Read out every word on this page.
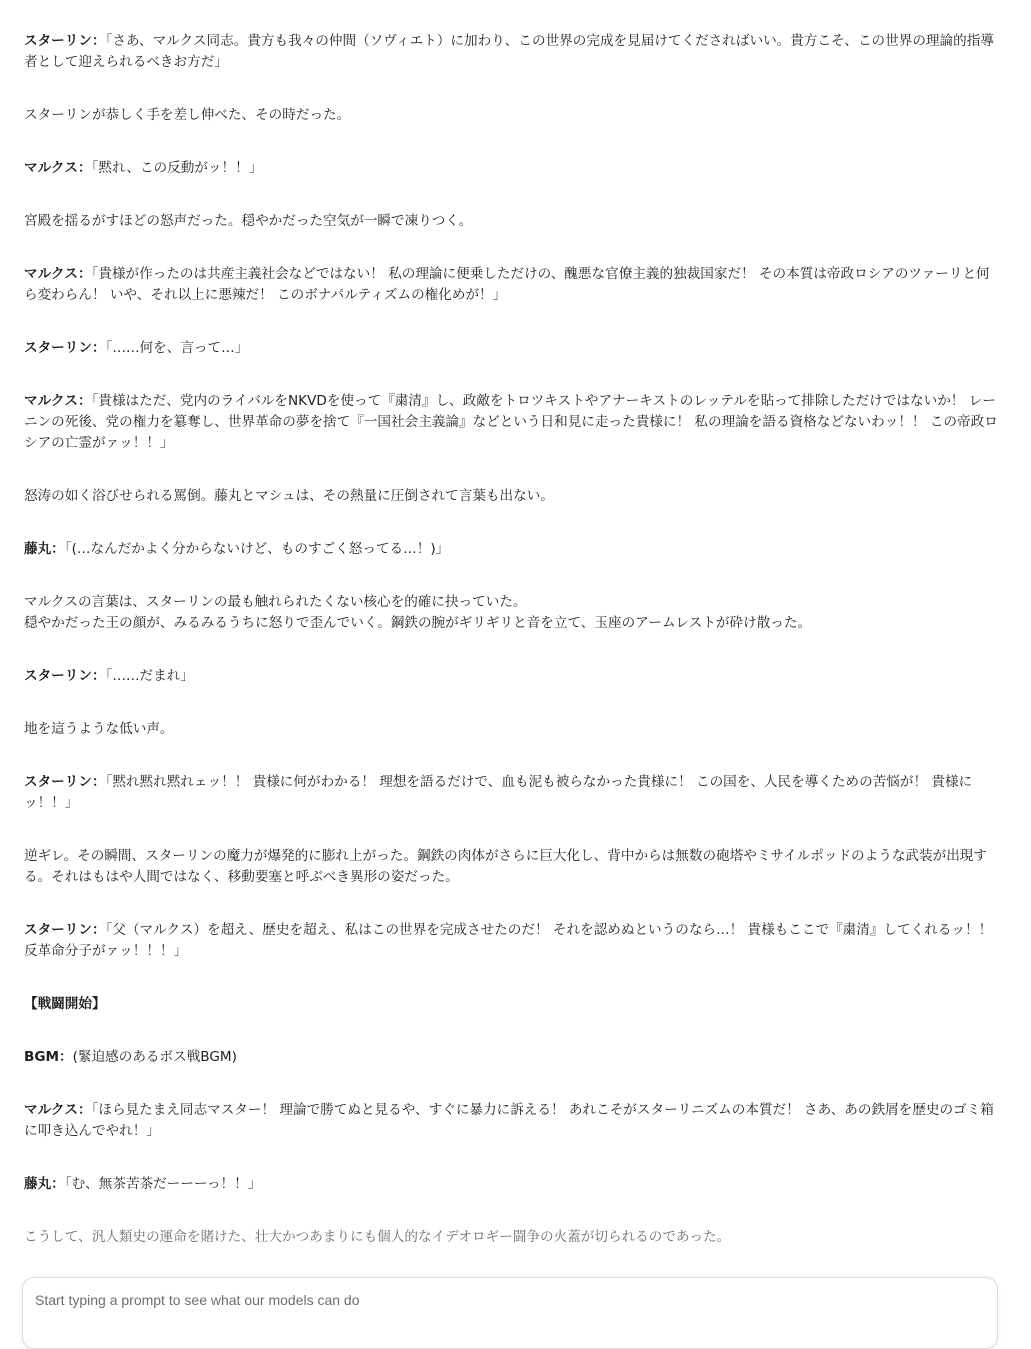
スターリン：「さあ、マルクス同志。貴方も我々の仲間（ソヴィエト）に加わり、この世界の完成を見届けてくださればいい。貴方こそ、この世界の理論的指導者として迎えられるべきお方だ」
スターリンが恭しく手を差し伸べた、その時だった。
マルクス：「黙れ、この反動がッ！！」
宮殿を揺るがすほどの怒声だった。穏やかだった空気が一瞬で凍りつく。
マルクス：「貴様が作ったのは共産主義社会などではない！ 私の理論に便乗しただけの、醜悪な官僚主義的独裁国家だ！ その本質は帝政ロシアのツァーリと何ら変わらん！ いや、それ以上に悪辣だ！ このボナパルティズムの権化めが！」
スターリン：「……何を、言って…」
マルクス：「貴様はただ、党内のライバルをNKVDを使って『粛清』し、政敵をトロツキストやアナーキストのレッテルを貼って排除しただけではないか！ レーニンの死後、党の権力を簒奪し、世界革命の夢を捨て『一国社会主義論』などという日和見に走った貴様に！ 私の理論を語る資格などないわッ！！ この帝政ロシアの亡霊がァッ！！」
怒涛の如く浴びせられる罵倒。藤丸とマシュは、その熱量に圧倒されて言葉も出ない。
藤丸：「(…なんだかよく分からないけど、ものすごく怒ってる…！)」
マルクスの言葉は、スターリンの最も触れられたくない核心を的確に抉っていた。
穏やかだった王の顔が、みるみるうちに怒りで歪んでいく。鋼鉄の腕がギリギリと音を立て、玉座のアームレストが砕け散った。
スターリン：「……だまれ」
地を這うような低い声。
スターリン：「黙れ黙れ黙れェッ！！ 貴様に何がわかる！ 理想を語るだけで、血も泥も被らなかった貴様に！ この国を、人民を導くための苦悩が！ 貴様にッ！！」
逆ギレ。その瞬間、スターリンの魔力が爆発的に膨れ上がった。鋼鉄の肉体がさらに巨大化し、背中からは無数の砲塔やミサイルポッドのような武装が出現する。それはもはや人間ではなく、移動要塞と呼ぶべき異形の姿だった。
スターリン：「父（マルクス）を超え、歴史を超え、私はこの世界を完成させたのだ！ それを認めぬというのなら…！ 貴様もここで『粛清』してくれるッ！！ 反革命分子がァッ！！！」
【戦闘開始】
BGM：(緊迫感のあるボス戦BGM)
マルクス：「ほら見たまえ同志マスター！ 理論で勝てぬと見るや、すぐに暴力に訴える！ あれこそがスターリニズムの本質だ！ さあ、あの鉄屑を歴史のゴミ箱に叩き込んでやれ！」
藤丸：「む、無茶苦茶だーーーっ！！」
こうして、汎人類史の運命を賭けた、壮大かつあまりにも個人的なイデオロギー闘争の火蓋が切られるのであった。
Start typing a prompt to see what our models can do
